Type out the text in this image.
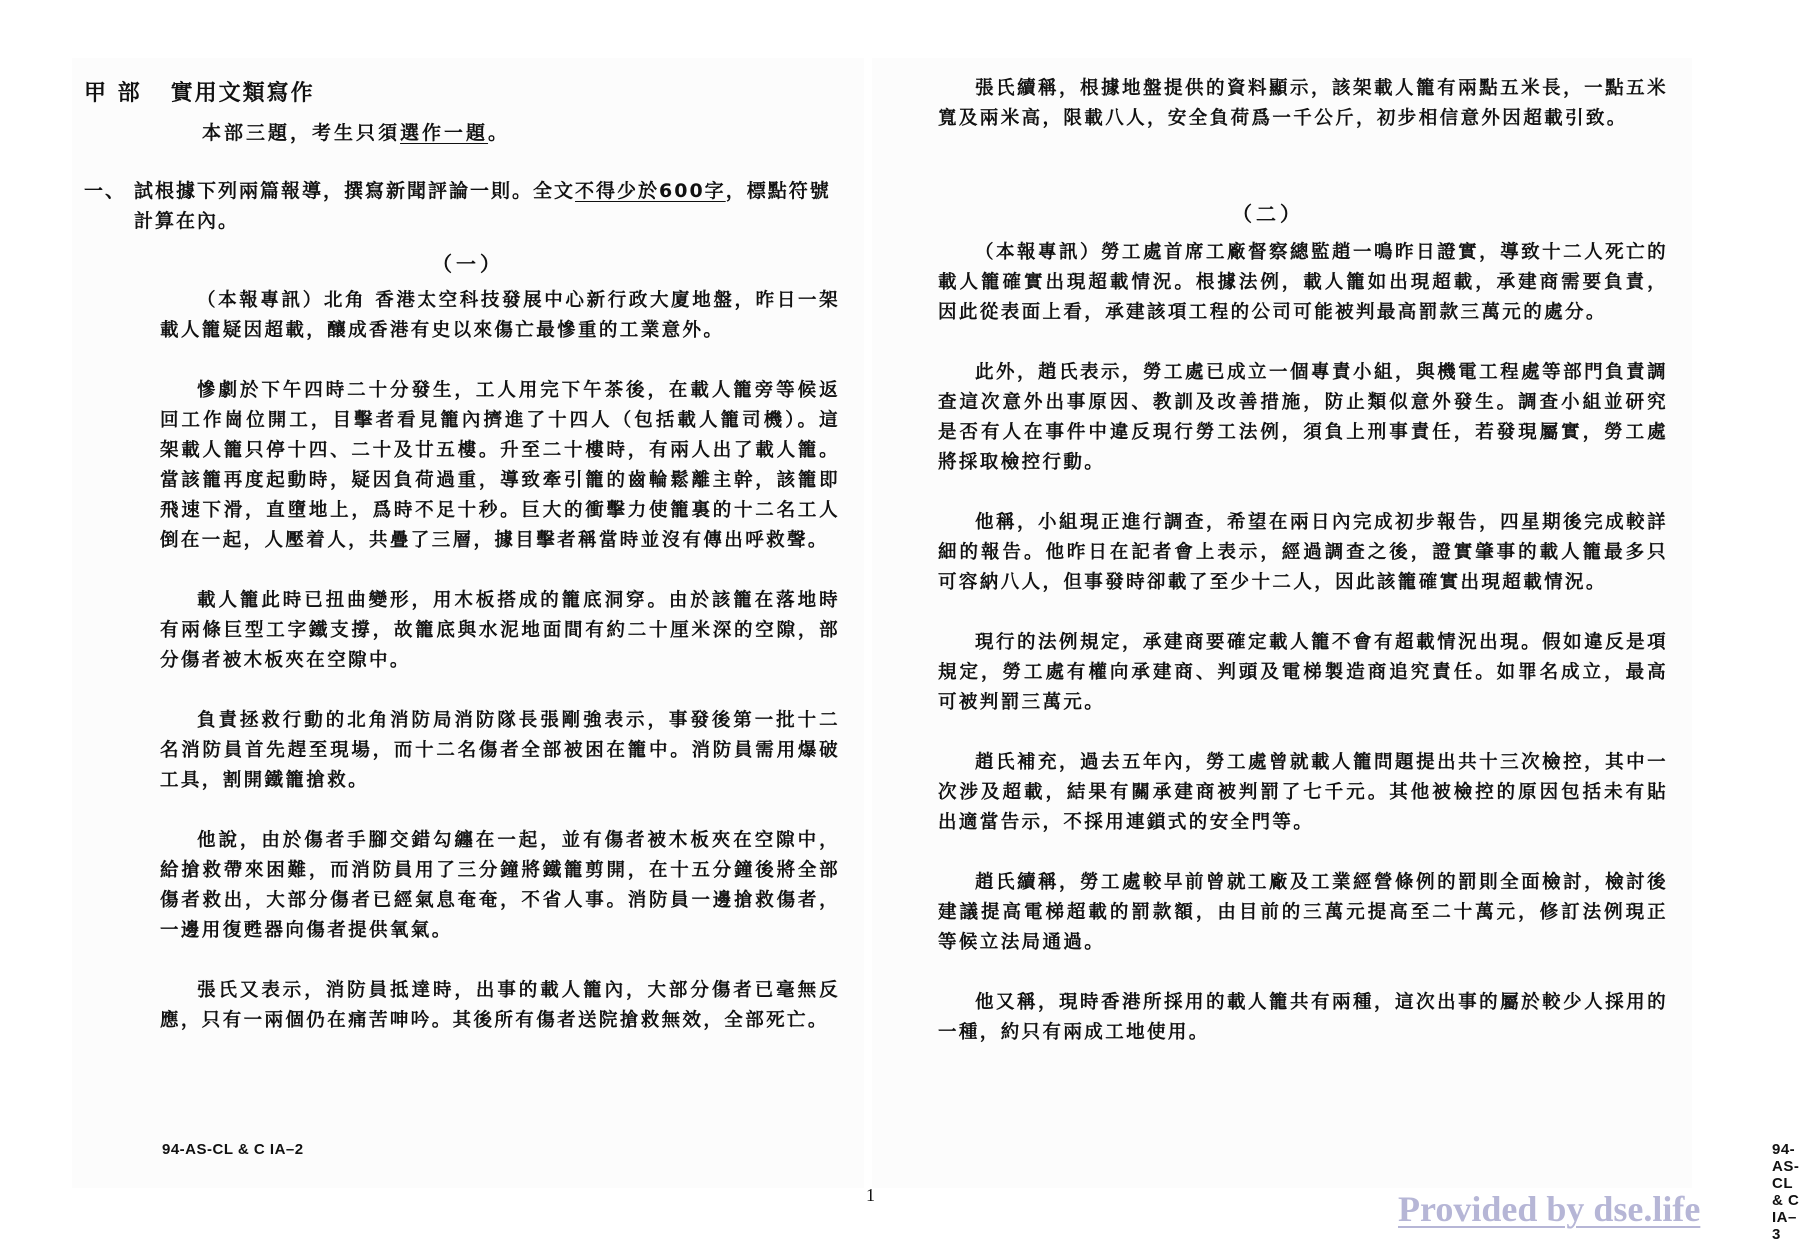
甲 部   實用文類寫作
本部三題，考生只須選作一題。
一、 試根據下列兩篇報導，撰寫新聞評論一則。全文不得少於600字，標點符號計算在內。
（一）

（本報專訊）北角 香港太空科技發展中心新行政大廈地盤，昨日一架載人籠疑因超載，釀成香港有史以來傷亡最慘重的工業意外。

慘劇於下午四時二十分發生，工人用完下午茶後，在載人籠旁等候返回工作崗位開工，目擊者看見籠內擠進了十四人（包括載人籠司機）。這架載人籠只停十四、二十及廿五樓。升至二十樓時，有兩人出了載人籠。當該籠再度起動時，疑因負荷過重，導致牽引籠的齒輪鬆離主幹，該籠即飛速下滑，直墮地上，爲時不足十秒。巨大的衝擊力使籠裏的十二名工人倒在一起，人壓着人，共疊了三層，據目擊者稱當時並沒有傳出呼救聲。

載人籠此時已扭曲變形，用木板搭成的籠底洞穿。由於該籠在落地時有兩條巨型工字鐵支撐，故籠底與水泥地面間有約二十厘米深的空隙，部分傷者被木板夾在空隙中。

負責拯救行動的北角消防局消防隊長張剛強表示，事發後第一批十二名消防員首先趕至現場，而十二名傷者全部被困在籠中。消防員需用爆破工具，割開鐵籠搶救。

他說，由於傷者手腳交錯勾纏在一起，並有傷者被木板夾在空隙中，給搶救帶來困難，而消防員用了三分鐘將鐵籠剪開，在十五分鐘後將全部傷者救出，大部分傷者已經氣息奄奄，不省人事。消防員一邊搶救傷者，一邊用復甦器向傷者提供氧氣。

張氏又表示，消防員抵達時，出事的載人籠內，大部分傷者已毫無反應，只有一兩個仍在痛苦呻吟。其後所有傷者送院搶救無效，全部死亡。

94-AS-CL & C IA–2

張氏續稱，根據地盤提供的資料顯示，該架載人籠有兩點五米長，一點五米寬及兩米高，限載八人，安全負荷爲一千公斤，初步相信意外因超載引致。

（二）

（本報專訊）勞工處首席工廠督察總監趙一鳴昨日證實，導致十二人死亡的載人籠確實出現超載情況。根據法例，載人籠如出現超載，承建商需要負責，因此從表面上看，承建該項工程的公司可能被判最高罰款三萬元的處分。

此外，趙氏表示，勞工處已成立一個專責小組，與機電工程處等部門負責調查這次意外出事原因、教訓及改善措施，防止類似意外發生。調查小組並研究是否有人在事件中違反現行勞工法例，須負上刑事責任，若發現屬實，勞工處將採取檢控行動。

他稱，小組現正進行調查，希望在兩日內完成初步報告，四星期後完成較詳細的報告。他昨日在記者會上表示，經過調查之後，證實肇事的載人籠最多只可容納八人，但事發時卻載了至少十二人，因此該籠確實出現超載情況。

現行的法例規定，承建商要確定載人籠不會有超載情況出現。假如違反是項規定，勞工處有權向承建商、判頭及電梯製造商追究責任。如罪名成立，最高可被判罰三萬元。

趙氏補充，過去五年內，勞工處曾就載人籠問題提出共十三次檢控，其中一次涉及超載，結果有關承建商被判罰了七千元。其他被檢控的原因包括未有貼出適當告示，不採用連鎖式的安全門等。

趙氏續稱，勞工處較早前曾就工廠及工業經營條例的罰則全面檢討，檢討後建議提高電梯超載的罰款額，由目前的三萬元提高至二十萬元，修訂法例現正等候立法局通過。

他又稱，現時香港所採用的載人籠共有兩種，這次出事的屬於較少人採用的一種，約只有兩成工地使用。

94-AS-CL & C IA–3
1	Provided by dse.life
